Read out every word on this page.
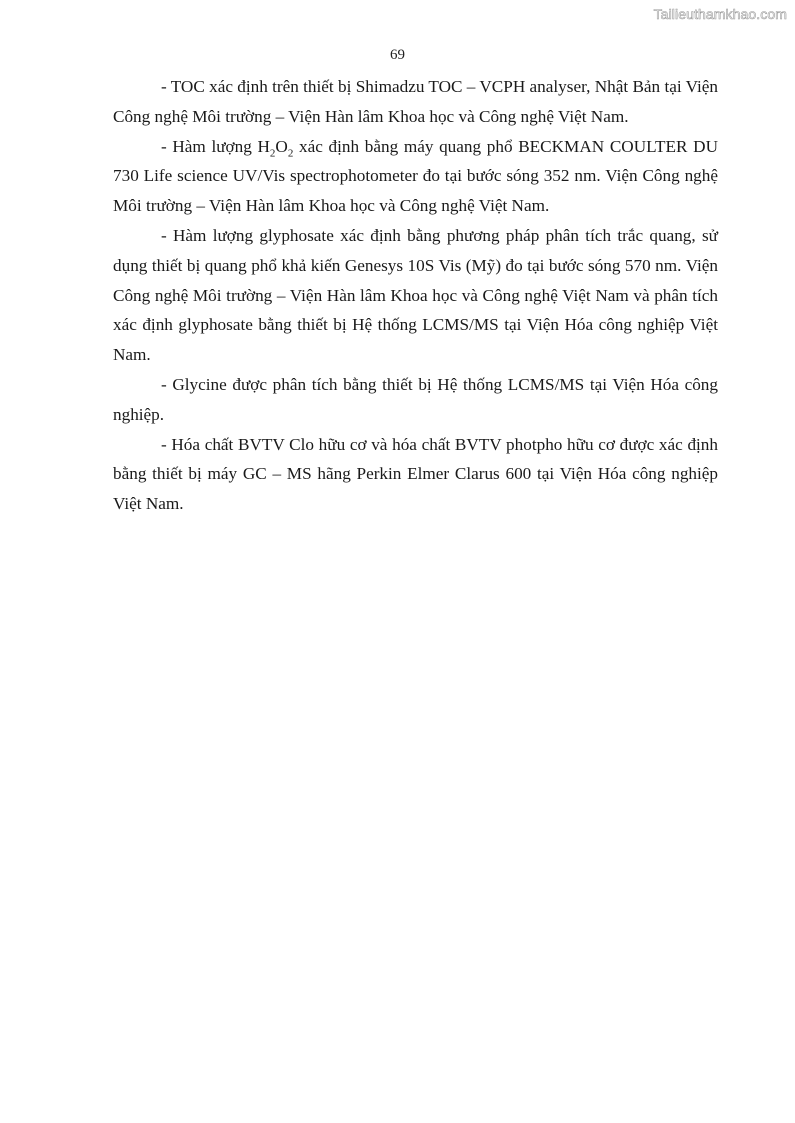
Tailieuthamkhao.com
69

- TOC xác định trên thiết bị Shimadzu TOC – VCPH analyser, Nhật Bản tại Viện Công nghệ Môi trường – Viện Hàn lâm Khoa học và Công nghệ Việt Nam.

- Hàm lượng $H_2O_2$ xác định bằng máy quang phổ BECKMAN COULTER DU 730 Life science UV/Vis spectrophotometer đo tại bước sóng 352 nm. Viện Công nghệ Môi trường – Viện Hàn lâm Khoa học và Công nghệ Việt Nam.

- Hàm lượng glyphosate xác định bằng phương pháp phân tích trắc quang, sử dụng thiết bị quang phổ khả kiến Genesys 10S Vis (Mỹ) đo tại bước sóng 570 nm. Viện Công nghệ Môi trường – Viện Hàn lâm Khoa học và Công nghệ Việt Nam và phân tích xác định glyphosate bằng thiết bị Hệ thống LCMS/MS tại Viện Hóa công nghiệp Việt Nam.

- Glycine được phân tích bằng thiết bị Hệ thống LCMS/MS tại Viện Hóa công nghiệp.

- Hóa chất BVTV Clo hữu cơ và hóa chất BVTV photpho hữu cơ được xác định bằng thiết bị máy GC – MS hãng Perkin Elmer Clarus 600 tại Viện Hóa công nghiệp Việt Nam.
